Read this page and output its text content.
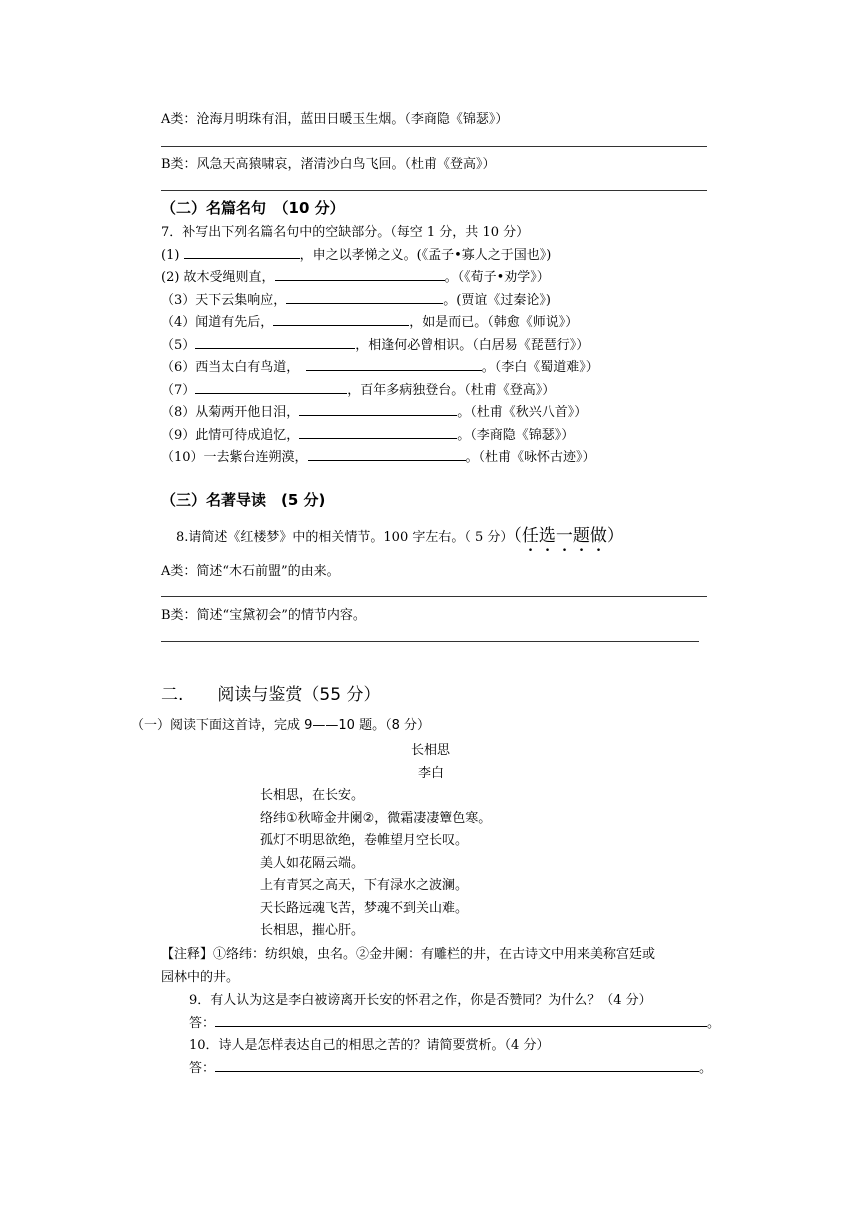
A类：沧海月明珠有泪，蓝田日暖玉生烟。（李商隐《锦瑟》）
B类：风急天高猿啸哀，渚清沙白鸟飞回。（杜甫《登高》）
（二）名篇名句　（10 分）
7．补写出下列名篇名句中的空缺部分。（每空 1 分，共 10 分）
(1)	，申之以孝悌之义。(《孟子•寡人之于国也》)
(2) 故木受绳则直，	。（《荀子•劝学》）
（3）天下云集响应，	。(贾谊《过秦论》)
（4）闻道有先后，	，如是而已。（韩愈《师说》）
（5）	，相逢何必曾相识。（白居易《琵琶行》）
（6）西当太白有鸟道，　	。（李白《蜀道难》）
（7）	，百年多病独登台。（杜甫《登高》）
（8）从菊两开他日泪，	。（杜甫《秋兴八首》）
（9）此情可待成追忆，	。（李商隐《锦瑟》）
（10）一去紫台连朔漠，	。（杜甫《咏怀古迹》）
（三）名著导读　(5 分)
8.请简述《红楼梦》中的相关情节。100 字左右。（ 5 分）（任选一题做）
A类：简述“木石前盟”的由来。
B类：简述“宝黛初会”的情节内容。
二.　　阅读与鉴赏（55 分）
（一）阅读下面这首诗，完成 9——10 题。（8 分）
长相思
李白
长相思，在长安。
络纬①秋啼金井阑②，微霜凄凄簟色寒。
孤灯不明思欲绝，卷帷望月空长叹。
美人如花隔云端。
上有青冥之高天，下有渌水之波澜。
天长路远魂飞苦，梦魂不到关山难。
长相思，摧心肝。
【注释】①络纬：纺织娘，虫名。②金井阑：有雕栏的井，在古诗文中用来美称宫廷或
园林中的井。
9．有人认为这是李白被谤离开长安的怀君之作，你是否赞同？为什么？（4 分）
答：	。
10．诗人是怎样表达自己的相思之苦的？请简要赏析。（4 分）
答：	。
